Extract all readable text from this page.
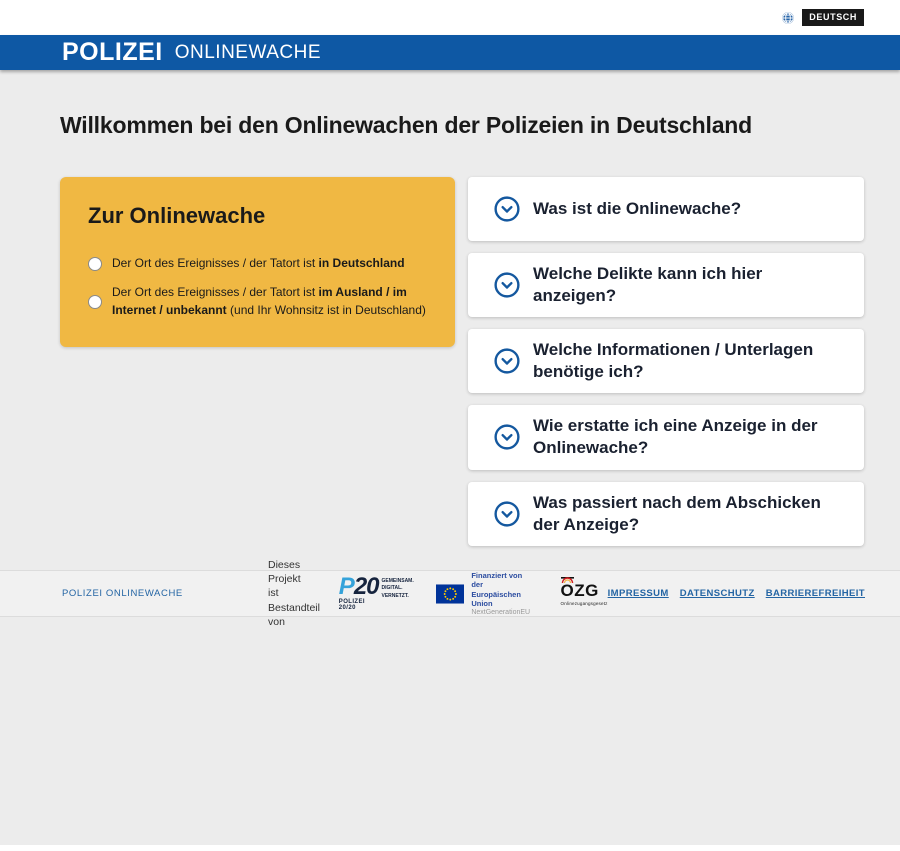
DEUTSCH
POLIZEI ONLINEWACHE
Willkommen bei den Onlinewachen der Polizeien in Deutschland
Zur Onlinewache
Der Ort des Ereignisses / der Tatort ist in Deutschland
Der Ort des Ereignisses / der Tatort ist im Ausland / im Internet / unbekannt (und Ihr Wohnsitz ist in Deutschland)
Was ist die Onlinewache?
Welche Delikte kann ich hier anzeigen?
Welche Informationen / Unterlagen benötige ich?
Wie erstatte ich eine Anzeige in der Onlinewache?
Was passiert nach dem Abschicken der Anzeige?
POLIZEI ONLINEWACHE
Dieses Projekt
ist Bestandteil von
P20
POLIZEI 20/20
GEMEINSAM.
DIGITAL.
VERNETZT.
Finanziert von der
Europäischen Union
NextGenerationEU
OZG
Onlinezugangsgesetz
IMPRESSUM DATENSCHUTZ BARRIEREFREIHEIT
